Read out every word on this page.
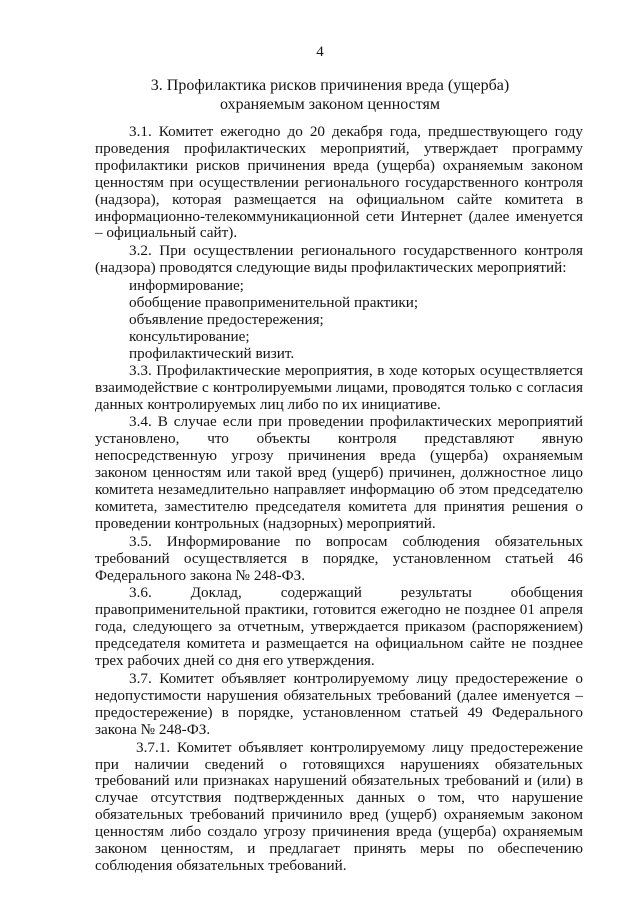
4
3. Профилактика рисков причинения вреда (ущерба)
охраняемым законом ценностям

3.1. Комитет ежегодно до 20 декабря года, предшествующего году проведения профилактических мероприятий, утверждает программу профилактики рисков причинения вреда (ущерба) охраняемым законом ценностям при осуществлении регионального государственного контроля (надзора), которая размещается на официальном сайте комитета в информационно-телекоммуникационной сети Интернет (далее именуется – официальный сайт).

3.2. При осуществлении регионального государственного контроля (надзора) проводятся следующие виды профилактических мероприятий:

информирование;
обобщение правоприменительной практики;
объявление предостережения;
консультирование;
профилактический визит.

3.3. Профилактические мероприятия, в ходе которых осуществляется взаимодействие с контролируемыми лицами, проводятся только с согласия данных контролируемых лиц либо по их инициативе.

3.4. В случае если при проведении профилактических мероприятий установлено, что объекты контроля представляют явную непосредственную угрозу причинения вреда (ущерба) охраняемым законом ценностям или такой вред (ущерб) причинен, должностное лицо комитета незамедлительно направляет информацию об этом председателю комитета, заместителю председателя комитета для принятия решения о проведении контрольных (надзорных) мероприятий.

3.5. Информирование по вопросам соблюдения обязательных требований осуществляется в порядке, установленном статьей 46 Федерального закона № 248-ФЗ.

3.6. Доклад, содержащий результаты обобщения правоприменительной практики, готовится ежегодно не позднее 01 апреля года, следующего за отчетным, утверждается приказом (распоряжением) председателя комитета и размещается на официальном сайте не позднее трех рабочих дней со дня его утверждения.

3.7. Комитет объявляет контролируемому лицу предостережение о недопустимости нарушения обязательных требований (далее именуется – предостережение) в порядке, установленном статьей 49 Федерального закона № 248-ФЗ.

3.7.1. Комитет объявляет контролируемому лицу предостережение при наличии сведений о готовящихся нарушениях обязательных требований или признаках нарушений обязательных требований и (или) в случае отсутствия подтвержденных данных о том, что нарушение обязательных требований причинило вред (ущерб) охраняемым законом ценностям либо создало угрозу причинения вреда (ущерба) охраняемым законом ценностям, и предлагает принять меры по обеспечению соблюдения обязательных требований.
